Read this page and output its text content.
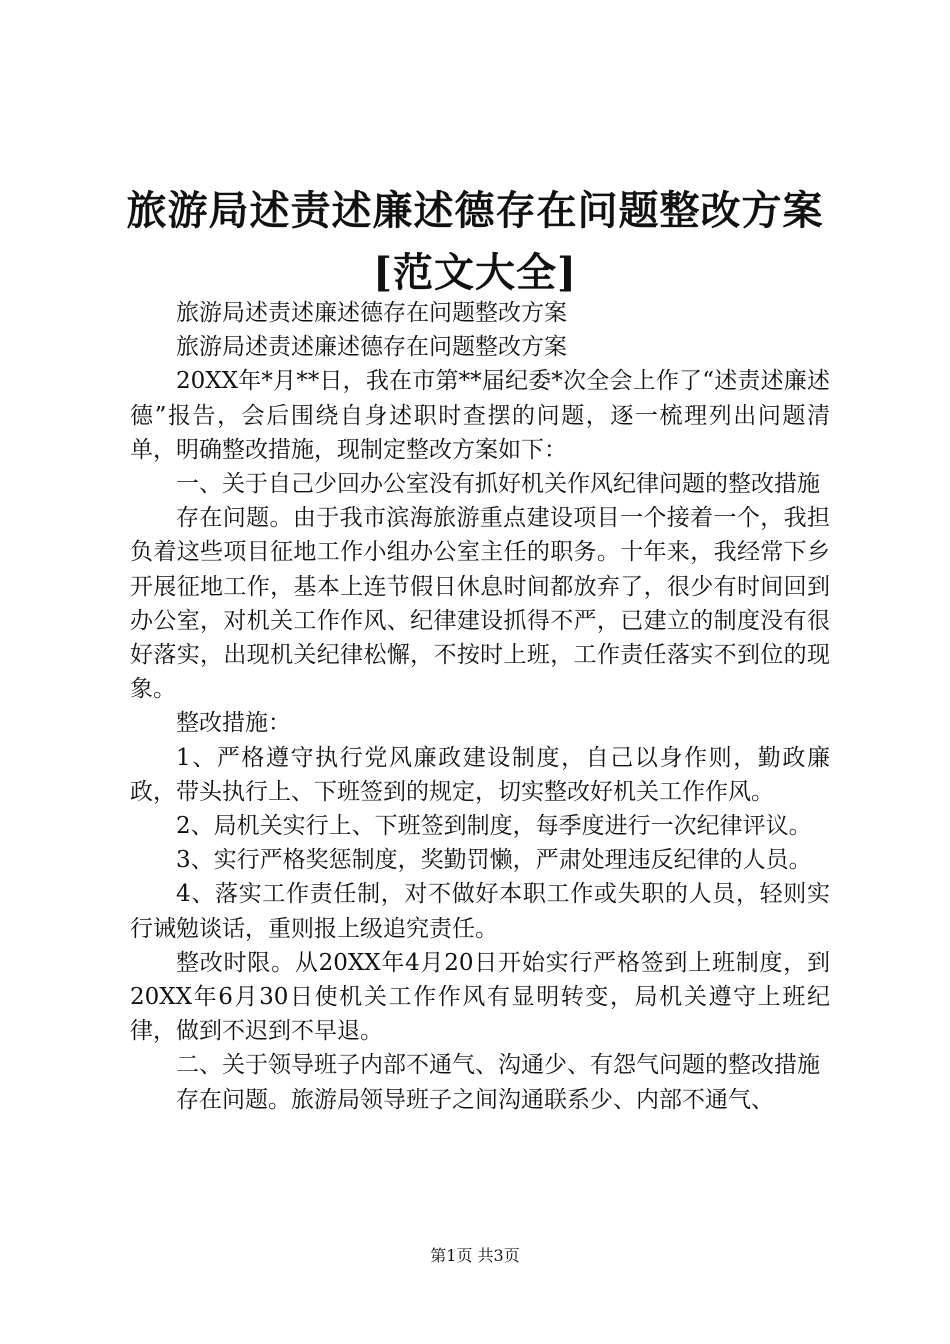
旅游局述责述廉述德存在问题整改方案[范文大全]

旅游局述责述廉述德存在问题整改方案

旅游局述责述廉述德存在问题整改方案

20XX年*月**日，我在市第**届纪委*次全会上作了“述责述廉述德”报告，会后围绕自身述职时查摆的问题，逐一梳理列出问题清单，明确整改措施，现制定整改方案如下：

一、关于自己少回办公室没有抓好机关作风纪律问题的整改措施

存在问题。由于我市滨海旅游重点建设项目一个接着一个，我担负着这些项目征地工作小组办公室主任的职务。十年来，我经常下乡开展征地工作，基本上连节假日休息时间都放弃了，很少有时间回到办公室，对机关工作作风、纪律建设抓得不严，已建立的制度没有很好落实，出现机关纪律松懈，不按时上班，工作责任落实不到位的现象。

整改措施：

1、严格遵守执行党风廉政建设制度，自己以身作则，勤政廉政，带头执行上、下班签到的规定，切实整改好机关工作作风。

2、局机关实行上、下班签到制度，每季度进行一次纪律评议。

3、实行严格奖惩制度，奖勤罚懒，严肃处理违反纪律的人员。

4、落实工作责任制，对不做好本职工作或失职的人员，轻则实行诫勉谈话，重则报上级追究责任。

整改时限。从20XX年4月20日开始实行严格签到上班制度，到20XX年6月30日使机关工作作风有显明转变，局机关遵守上班纪律，做到不迟到不早退。

二、关于领导班子内部不通气、沟通少、有怨气问题的整改措施

存在问题。旅游局领导班子之间沟通联系少、内部不通气、

第1页 共3页
